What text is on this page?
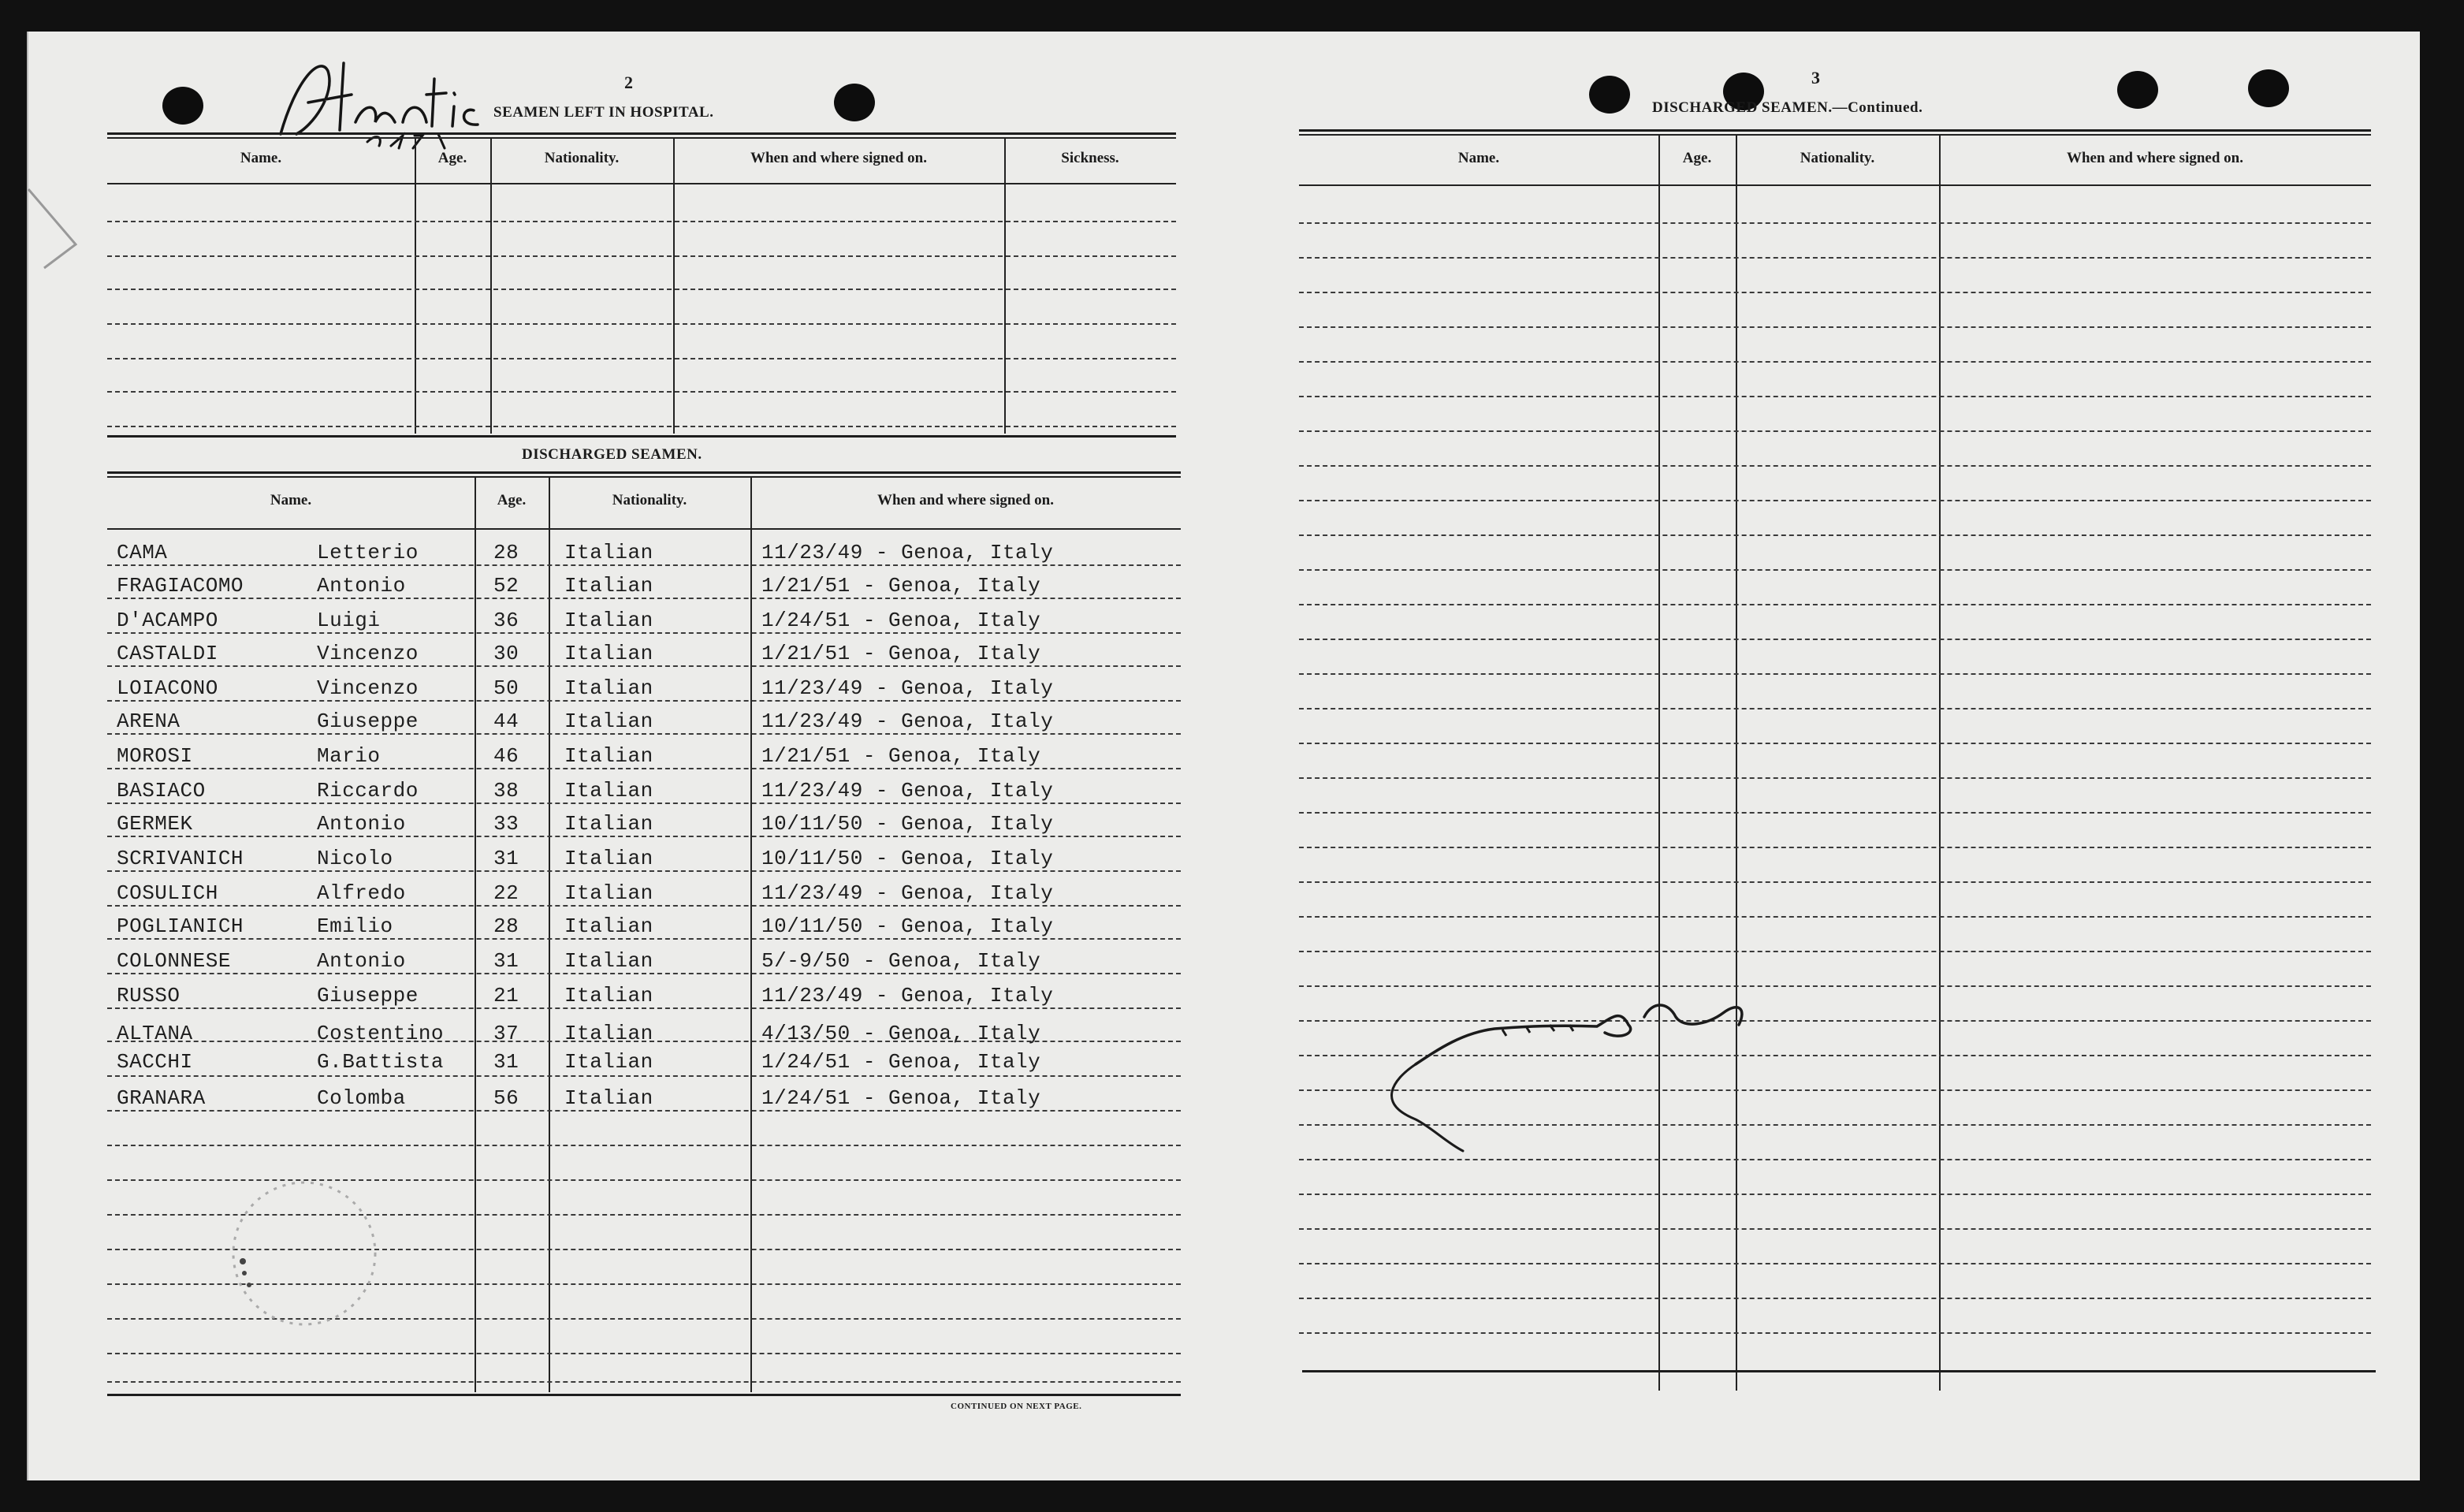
2
SEAMEN LEFT IN HOSPITAL.
Name.	Age.	Nationality.	When and where signed on.	Sickness.
DISCHARGED SEAMEN.
Name.	Age.	Nationality.	When and where signed on.
CAMA	Letterio	28 Italian	11/23/49 - Genoa, Italy
FRAGIACOMO	Antonio	52 Italian	1/21/51 - Genoa, Italy
D'ACAMPO	Luigi	36 Italian	1/24/51 - Genoa, Italy
CASTALDI	Vincenzo	30 Italian	1/21/51 - Genoa, Italy
LOIACONO	Vincenzo	50 Italian	11/23/49 - Genoa, Italy
ARENA	Giuseppe	44 Italian	11/23/49 - Genoa, Italy
MOROSI	Mario	46 Italian	1/21/51 - Genoa, Italy
BASIACO	Riccardo	38 Italian	11/23/49 - Genoa, Italy
GERMEK	Antonio	33 Italian	10/11/50 - Genoa, Italy
SCRIVANICH	Nicolo	31 Italian	10/11/50 - Genoa, Italy
COSULICH	Alfredo	22 Italian	11/23/49 - Genoa, Italy
POGLIANICH	Emilio	28 Italian	10/11/50 - Genoa, Italy
COLONNESE	Antonio	31 Italian	5/-9/50 - Genoa, Italy
RUSSO	Giuseppe	21 Italian	11/23/49 - Genoa, Italy
ALTANA	Costentino 37 Italian	4/13/50 - Genoa, Italy
SACCHI	G.Battista 31 Italian	1/24/51 - Genoa, Italy
GRANARA	Colomba	56 Italian	1/24/51 - Genoa, Italy
CONTINUED ON NEXT PAGE.
3
DISCHARGED SEAMEN.—Continued.
Name.	Age.	Nationality.	When and where signed on.
